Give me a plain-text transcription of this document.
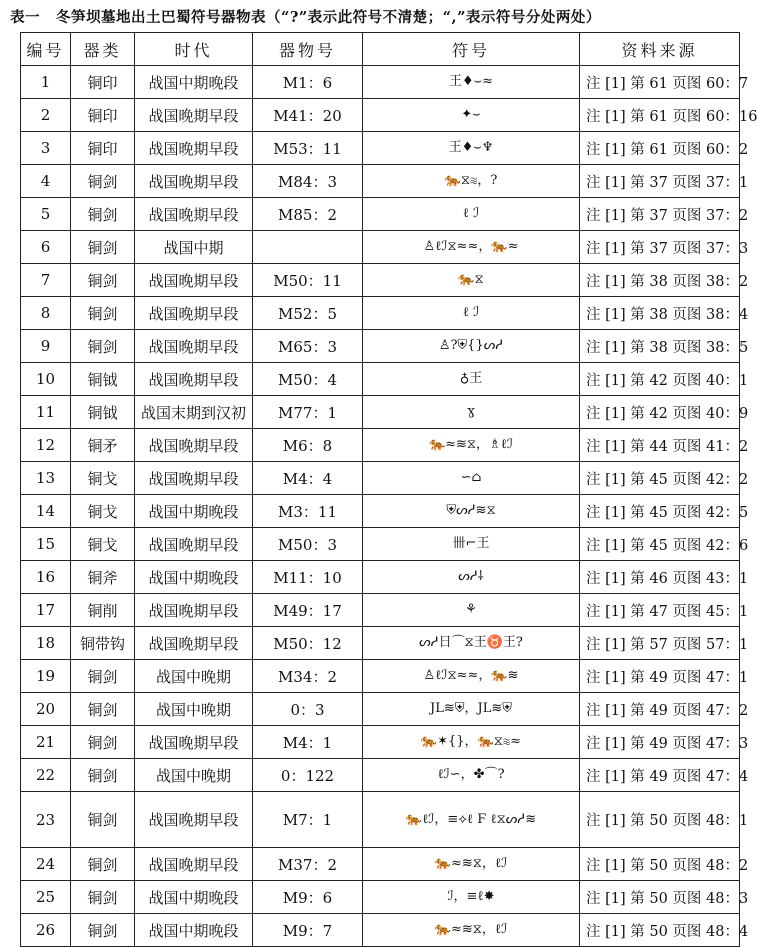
表一 冬笋坝墓地出土巴蜀符号器物表（“?”表示此符号不清楚；“,”表示符号分处两处）
编号	器类	时代	器物号	符号	资料来源
1	铜印	战国中期晚段	M1：6	王♦︎⌣≈	注 [1] 第 61 页图 60：7
2	铜印	战国晚期早段	M41：20	✦⌣	注 [1] 第 61 页图 60：16
3	铜印	战国晚期早段	M53：11	王♦︎⌣♆	注 [1] 第 61 页图 60：2
4	铜剑	战国晚期早段	M84：3	🐅⧖≋，?	注 [1] 第 37 页图 37：1
5	铜剑	战国晚期早段	M85：2	ℓ ℐ	注 [1] 第 37 页图 37：2
6	铜剑	战国中期		♙ℓℐ⧖≈≈，🐅≈	注 [1] 第 37 页图 37：3
7	铜剑	战国晚期早段	M50：11	🐅⧖	注 [1] 第 38 页图 38：2
8	铜剑	战国晚期早段	M52：5	ℓ ℐ	注 [1] 第 38 页图 38：4
9	铜剑	战国晚期早段	M65：3	♙?⛨{}ᔕᓱ	注 [1] 第 38 页图 38：5
10	铜钺	战国晚期早段	M50：4	♁王	注 [1] 第 42 页图 40：1
11	铜钺	战国末期到汉初	M77：1	ɣ	注 [1] 第 42 页图 40：9
12	铜矛	战国晚期早段	M6：8	🐅≈≋⧖，♗ℓℐ	注 [1] 第 44 页图 41：2
13	铜戈	战国晚期早段	M4：4	∽⌂	注 [1] 第 45 页图 42：2
14	铜戈	战国中期晚段	M3：11	⛨ᔕᓱ≋⧖	注 [1] 第 45 页图 42：5
15	铜戈	战国晚期早段	M50：3	卌⌐王	注 [1] 第 45 页图 42：6
16	铜斧	战国中期晚段	M11：10	ᔕᓱ⸸	注 [1] 第 46 页图 43：1
17	铜削	战国晚期早段	M49：17	⚘	注 [1] 第 47 页图 45：1
18	铜带钩	战国晚期早段	M50：12	ᔕᓱ日⌒⧖王♉王?	注 [1] 第 57 页图 57：1
19	铜剑	战国中晚期	M34：2	♙ℓℐ⧖≈≈，🐅≋	注 [1] 第 49 页图 47：1
20	铜剑	战国中晚期	0：3	JL≋⛨，JL≋⛨	注 [1] 第 49 页图 47：2
21	铜剑	战国晚期早段	M4：1	🐅✶{}，🐅⧖≋≈	注 [1] 第 49 页图 47：3
22	铜剑	战国中晚期	0：122	ℓℐ∽，✤⌒?	注 [1] 第 49 页图 47：4
23	铜剑	战国晚期早段	M7：1	🐅ℓℐ，≡⟡ℓ Ϝ ℓ⧖ᔕᓱ≋	注 [1] 第 50 页图 48：1
24	铜剑	战国晚期早段	M37：2	🐅≈≋⧖，ℓℐ	注 [1] 第 50 页图 48：2
25	铜剑	战国中期晚段	M9：6	ℐ，≡ℓ✸	注 [1] 第 50 页图 48：3
26	铜剑	战国中期晚段	M9：7	🐅≈≋⧖，ℓℐ	注 [1] 第 50 页图 48：4
